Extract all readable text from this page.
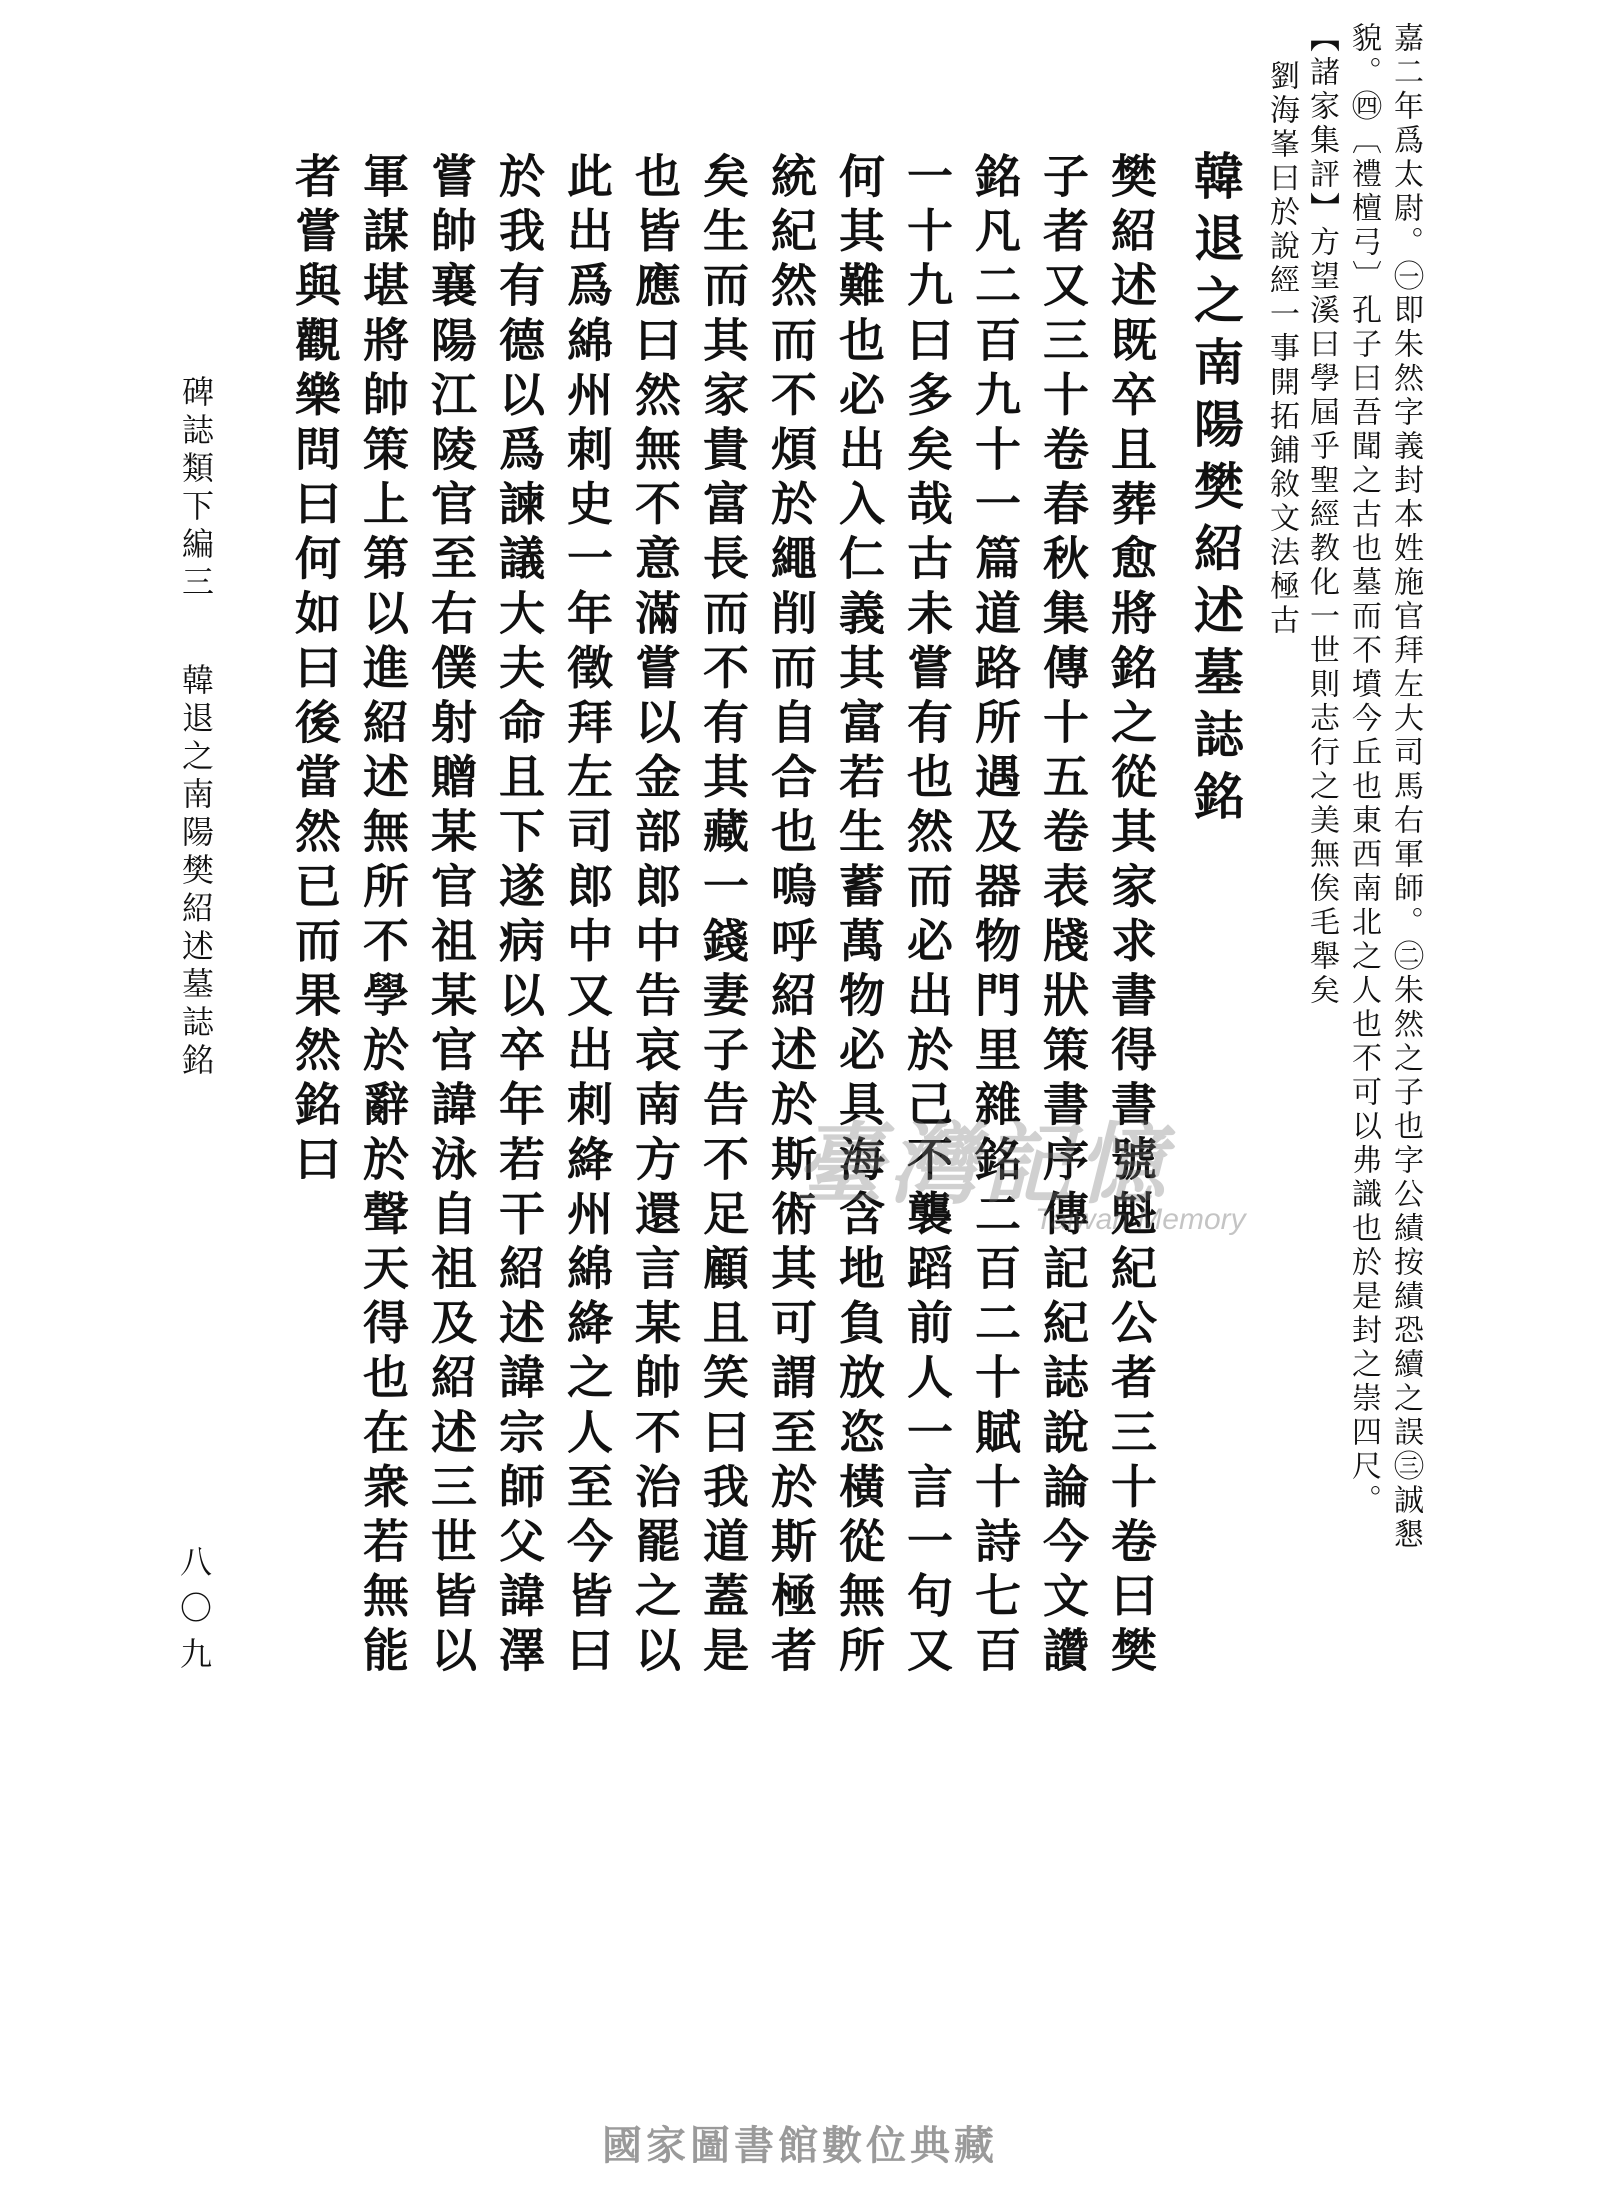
嘉二年爲太尉。㊀即朱然字義封本姓施官拜左大司馬右軍師。㊁朱然之子也字公績按績恐續之誤㊂誠懇
貌。㊃〔禮檀弓〕孔子曰吾聞之古也墓而不墳今丘也東西南北之人也不可以弗識也於是封之崇四尺。
【諸家集評】方望溪曰學屆乎聖經教化一世則志行之美無俟毛舉矣
劉海峯曰於說經一事開拓鋪敘文法極古
韓退之南陽樊紹述墓誌銘
樊紹述既卒且葬愈將銘之從其家求書得書號魁紀公者三十卷曰樊
子者又三十卷春秋集傳十五卷表牋狀策書序傳記紀誌說論今文讚
銘凡二百九十一篇道路所遇及器物門里雜銘二百二十賦十詩七百
一十九曰多矣哉古未嘗有也然而必出於己不襲蹈前人一言一句又
何其難也必出入仁義其富若生蓄萬物必具海含地負放恣橫從無所
統紀然而不煩於繩削而自合也嗚呼紹述於斯術其可謂至於斯極者
矣生而其家貴富長而不有其藏一錢妻子告不足顧且笑曰我道蓋是
也皆應曰然無不意滿嘗以金部郎中告哀南方還言某帥不治罷之以
此出爲綿州刺史一年徵拜左司郎中又出刺絳州綿絳之人至今皆曰
於我有德以爲諫議大夫命且下遂病以卒年若干紹述諱宗師父諱澤
嘗帥襄陽江陵官至右僕射贈某官祖某官諱泳自祖及紹述三世皆以
軍謀堪將帥策上第以進紹述無所不學於辭於聲天得也在衆若無能
者嘗與觀樂問曰何如曰後當然已而果然銘曰
碑誌類下編三韓退之南陽樊紹述墓誌銘
八〇九
臺灣記憶
Taiwan Memory
國家圖書館數位典藏
